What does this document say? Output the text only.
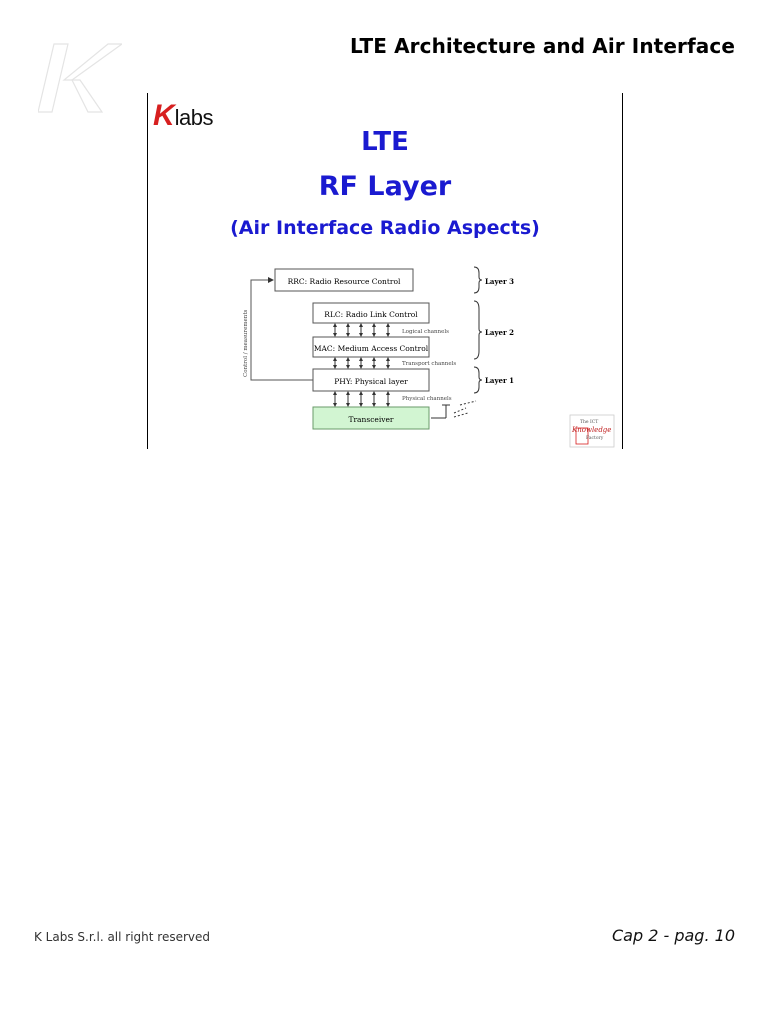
LTE Architecture and Air Interface
Klabs
LTE
RF Layer
(Air Interface Radio Aspects)
RRC: Radio Resource Control
RLC: Radio Link Control
MAC: Medium Access Control
PHY: Physical layer
Transceiver
Logical channels
Transport channels
Physical channels
Control / measurements
Layer 3
Layer 2
Layer 1
The ICT
Knowledge
Factory
K Labs S.r.l. all right reserved	Cap 2 - pag. 10
